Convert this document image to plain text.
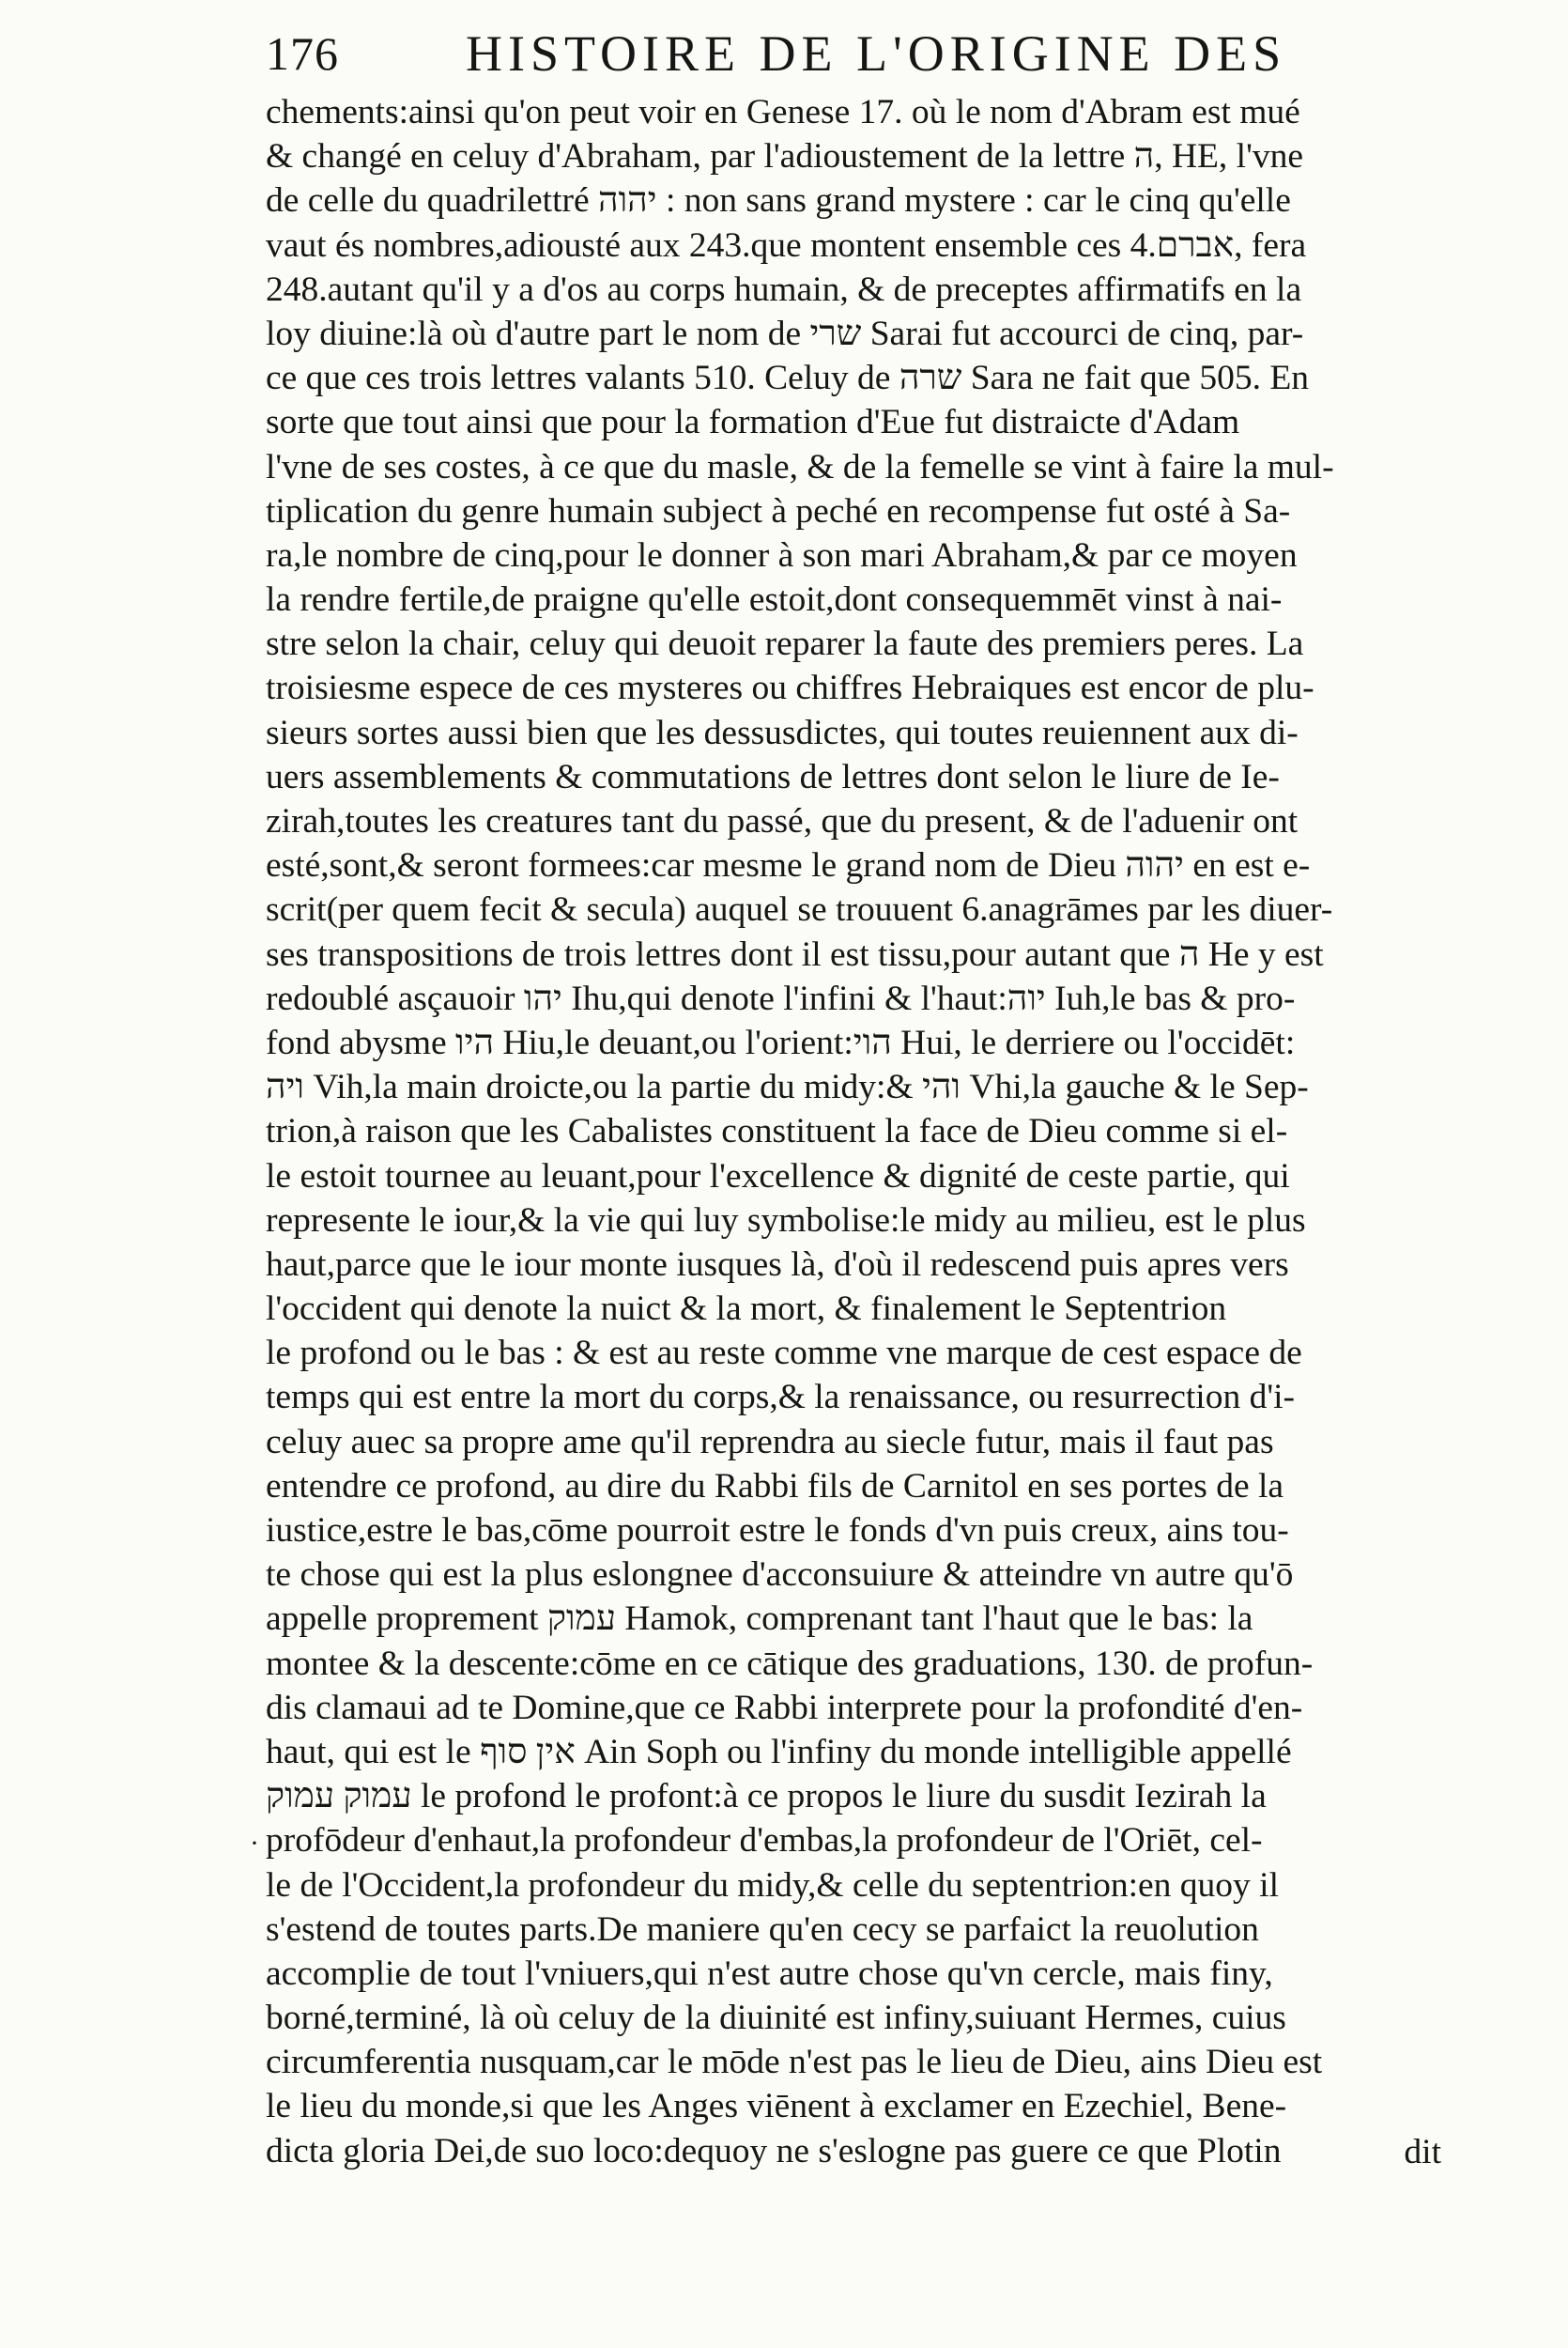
176	HISTOIRE DE L'ORIGINE DES
·
chements:ainsi qu'on peut voir en Genese 17. où le nom d'Abram est mué
& changé en celuy d'Abraham, par l'adioustement de la lettre ה, HE, l'vne
de celle du quadrilettré יהוה : non sans grand mystere : car le cinq qu'elle
vaut és nombres,adiousté aux 243.que montent ensemble ces 4.אברם, fera
248.autant qu'il y a d'os au corps humain, & de preceptes affirmatifs en la
loy diuine:là où d'autre part le nom de שרי Sarai fut accourci de cinq, par-
ce que ces trois lettres valants 510. Celuy de שרה Sara ne fait que 505. En
sorte que tout ainsi que pour la formation d'Eue fut distraicte d'Adam
l'vne de ses costes, à ce que du masle, & de la femelle se vint à faire la mul-
tiplication du genre humain subject à peché en recompense fut osté à Sa-
ra,le nombre de cinq,pour le donner à son mari Abraham,& par ce moyen
la rendre fertile,de praigne qu'elle estoit,dont consequemmēt vinst à nai-
stre selon la chair, celuy qui deuoit reparer la faute des premiers peres. La
troisiesme espece de ces mysteres ou chiffres Hebraiques est encor de plu-
sieurs sortes aussi bien que les dessusdictes, qui toutes reuiennent aux di-
uers assemblements & commutations de lettres dont selon le liure de Ie-
zirah,toutes les creatures tant du passé, que du present, & de l'aduenir ont
esté,sont,& seront formees:car mesme le grand nom de Dieu יהוה en est e-
scrit(per quem fecit & secula) auquel se trouuent 6.anagrāmes par les diuer-
ses transpositions de trois lettres dont il est tissu,pour autant que ה He y est
redoublé asçauoir יהו Ihu,qui denote l'infini & l'haut:יוה Iuh,le bas & pro-
fond abysme היו Hiu,le deuant,ou l'orient:הוי Hui, le derriere ou l'occidēt:
ויה Vih,la main droicte,ou la partie du midy:& והי Vhi,la gauche & le Sep-
trion,à raison que les Cabalistes constituent la face de Dieu comme si el-
le estoit tournee au leuant,pour l'excellence & dignité de ceste partie, qui
represente le iour,& la vie qui luy symbolise:le midy au milieu, est le plus
haut,parce que le iour monte iusques là, d'où il redescend puis apres vers
l'occident qui denote la nuict & la mort, & finalement le Septentrion
le profond ou le bas : & est au reste comme vne marque de cest espace de
temps qui est entre la mort du corps,& la renaissance, ou resurrection d'i-
celuy auec sa propre ame qu'il reprendra au siecle futur, mais il faut pas
entendre ce profond, au dire du Rabbi fils de Carnitol en ses portes de la
iustice,estre le bas,cōme pourroit estre le fonds d'vn puis creux, ains tou-
te chose qui est la plus eslongnee d'acconsuiure & atteindre vn autre qu'ō
appelle proprement עמוק Hamok, comprenant tant l'haut que le bas: la
montee & la descente:cōme en ce cātique des graduations, 130. de profun-
dis clamaui ad te Domine,que ce Rabbi interprete pour la profondité d'en-
haut, qui est le אין סוף Ain Soph ou l'infiny du monde intelligible appellé
עמוק עמוק le profond le profont:à ce propos le liure du susdit Iezirah la
profōdeur d'enhaut,la profondeur d'embas,la profondeur de l'Oriēt, cel-
le de l'Occident,la profondeur du midy,& celle du septentrion:en quoy il
s'estend de toutes parts.De maniere qu'en cecy se parfaict la reuolution
accomplie de tout l'vniuers,qui n'est autre chose qu'vn cercle, mais finy,
borné,terminé, là où celuy de la diuinité est infiny,suiuant Hermes, cuius
circumferentia nusquam,car le mōde n'est pas le lieu de Dieu, ains Dieu est
le lieu du monde,si que les Anges viēnent à exclamer en Ezechiel, Bene-
dicta gloria Dei,de suo loco:dequoy ne s'eslogne pas guere ce que Plotin	dit
